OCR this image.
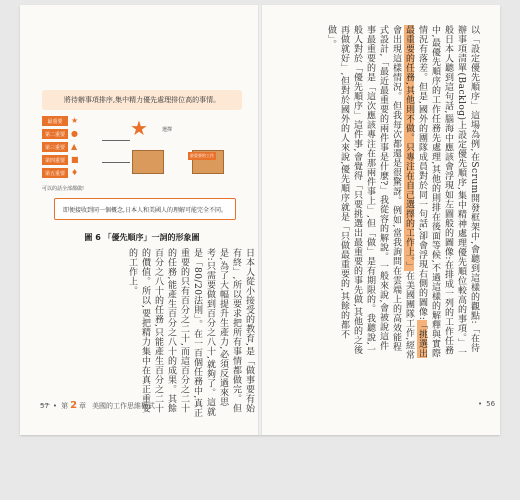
以「設定優先順序」這場為例,在Scrum開發框架中,會聽到這樣的觀點:「在待辦事項清單(Backlog)上設定優先順序,集中精神處理優先順位較高的事項。」一般日本人聽到這句話,腦海中應該會浮現如左圖般的圖像:在排成一列的工作任務中,最優先順序的工作任務先處理,其他的則排在後面等候,不過這樣的解釋與實際情況有落差。但是,國外的團隊成員對於同一句話,卻會浮現右側的圖像:「挑選出最重要的任務,其他則不做。只專注在自己選擇的工作上。」在美國團隊工作,經常會出現這樣情況。但我每次都還是很驚訝。例如,當我詢問在雲端上的高效能程式設計,「最近最重要的兩件事是什麼?」我從容的解說。一般來說,會被說這件事最重要的是「這次應該專注在那兩件事上」,但「做」是有期限的。我聽說,一般人對於「優先順序」這件事,會覺得「只要挑選出最重要的事先做,其他的之後再做就好」,但對於國外的人來說,優先順序就是「只做最重要的,其餘的都不做」。
將待辦事項排序,集中精力優先處理排位高的事情。
最重要	★
第二重要 ●
第三重要 ▲
第四重要 ■
第五重要 ♦
★	選擇
最重要的工作
可以的話全部都做!
即便接收到同一個概念,日本人和美國人的理解可能完全不同。
圖 6 「優先順序」一詞的形象圖
日本人從小接受的教育,是「做事要有始有終」,所以要求把所有事情都做完。但是,為了大幅提升生產力,必須反過來思考:只需要做到百分之八十,就夠了。這就是「80/20法則」。在一百個任務中,真正重要的只有百分之二十,而這百分之二十的任務,能產生百分之八十的成果。其餘百分之八十的任務,只能產生百分之二十的價值。所以,要把精力集中在真正重要的工作上。
57 • 第 2 章 美國的工作思維模式	• 56
